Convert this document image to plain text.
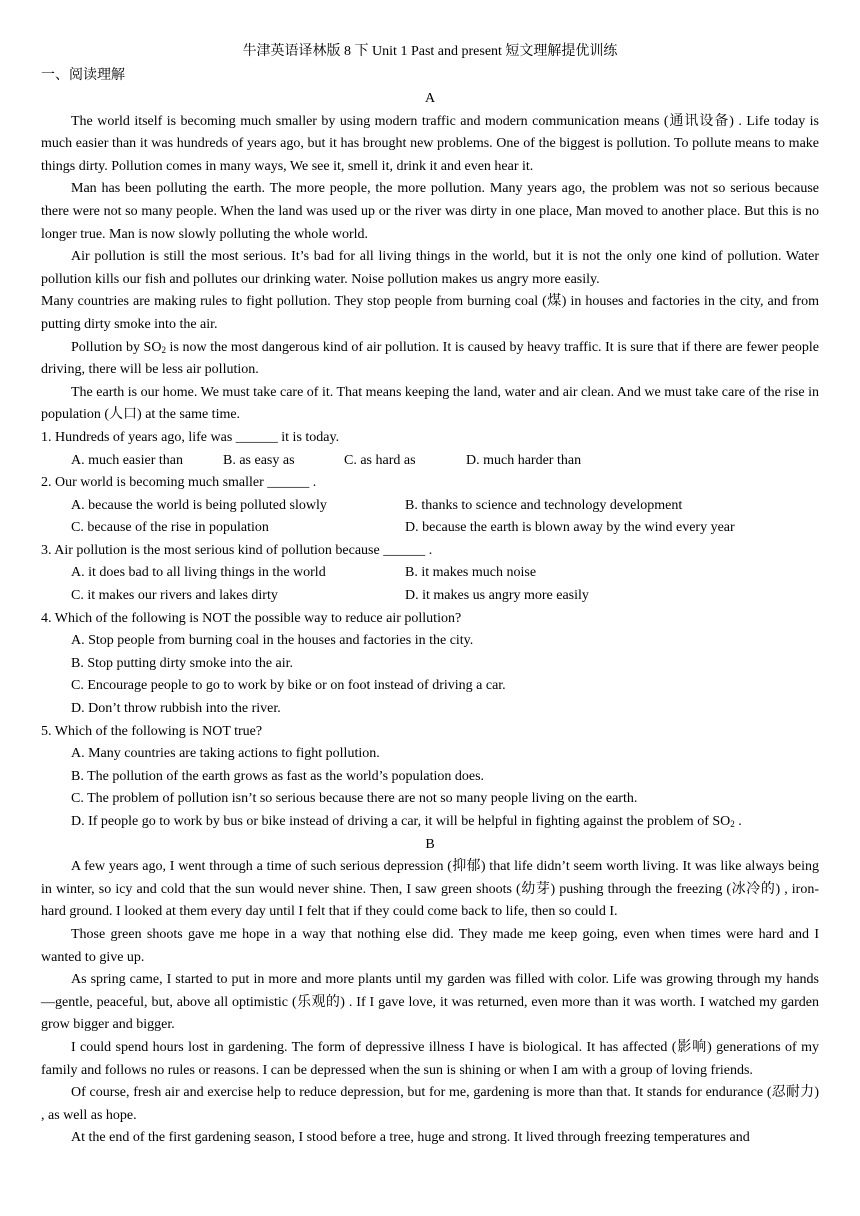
牛津英语译林版 8 下 Unit 1 Past and present 短文理解提优训练

一、阅读理解

A

The world itself is becoming much smaller by using modern traffic and modern communication means (通讯设备) . Life today is much easier than it was hundreds of years ago, but it has brought new problems. One of the biggest is pollution. To pollute means to make things dirty. Pollution comes in many ways, We see it, smell it, drink it and even hear it.

Man has been polluting the earth. The more people, the more pollution. Many years ago, the problem was not so serious because there were not so many people. When the land was used up or the river was dirty in one place, Man moved to another place. But this is no longer true. Man is now slowly polluting the whole world.

Air pollution is still the most serious. It’s bad for all living things in the world, but it is not the only one kind of pollution. Water pollution kills our fish and pollutes our drinking water. Noise pollution makes us angry more easily.

Many countries are making rules to fight pollution. They stop people from burning coal (煤) in houses and factories in the city, and from putting dirty smoke into the air.

Pollution by $SO_2$ is now the most dangerous kind of air pollution. It is caused by heavy traffic. It is sure that if there are fewer people driving, there will be less air pollution.

The earth is our home. We must take care of it. That means keeping the land, water and air clean. And we must take care of the rise in population (人口) at the same time.

1. Hundreds of years ago, life was ______ it is today.

A. much easier than	B. as easy as	C. as hard as	D. much harder than

2. Our world is becoming much smaller ______ .

A. because the world is being polluted slowly	B. thanks to science and technology development
C. because of the rise in population	D. because the earth is blown away by the wind every year

3. Air pollution is the most serious kind of pollution because ______ .

A. it does bad to all living things in the world	B. it makes much noise
C. it makes our rivers and lakes dirty	D. it makes us angry more easily

4. Which of the following is NOT the possible way to reduce air pollution?

A. Stop people from burning coal in the houses and factories in the city.

B. Stop putting dirty smoke into the air.

C. Encourage people to go to work by bike or on foot instead of driving a car.

D. Don’t throw rubbish into the river.

5. Which of the following is NOT true?

A. Many countries are taking actions to fight pollution.

B. The pollution of the earth grows as fast as the world’s population does.

C. The problem of pollution isn’t so serious because there are not so many people living on the earth.

D. If people go to work by bus or bike instead of driving a car, it will be helpful in fighting against the problem of $SO_2$ .

B

A few years ago, I went through a time of such serious depression (抑郁) that life didn’t seem worth living. It was like always being in winter, so icy and cold that the sun would never shine. Then, I saw green shoots (幼芽) pushing through the freezing (冰冷的) , iron-hard ground. I looked at them every day until I felt that if they could come back to life, then so could I.

Those green shoots gave me hope in a way that nothing else did. They made me keep going, even when times were hard and I wanted to give up.

As spring came, I started to put in more and more plants until my garden was filled with color. Life was growing through my hands—gentle, peaceful, but, above all optimistic (乐观的) . If I gave love, it was returned, even more than it was worth. I watched my garden grow bigger and bigger.

I could spend hours lost in gardening. The form of depressive illness I have is biological. It has affected (影响) generations of my family and follows no rules or reasons. I can be depressed when the sun is shining or when I am with a group of loving friends.

Of course, fresh air and exercise help to reduce depression, but for me, gardening is more than that. It stands for endurance (忍耐力) , as well as hope.

At the end of the first gardening season, I stood before a tree, huge and strong. It lived through freezing temperatures and
